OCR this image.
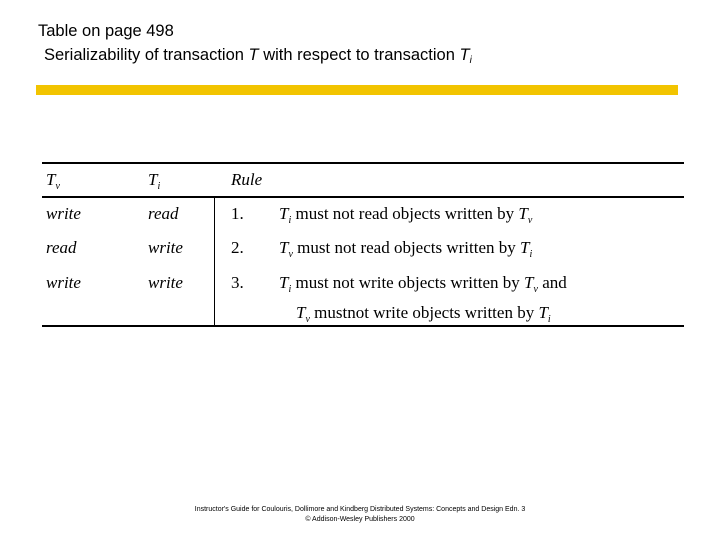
Table on page 498
Serializability of transaction T with respect to transaction $T_i$
$T_v$	$T_i$	Rule
write	read	1. $T_i$ must not read objects written by $T_v$
read	write	2. $T_v$ must not read objects written by $T_i$
write	write	3. $T_i$ must not write objects written by $T_v$ and
$T_v$ mustnot write objects written by $T_i$
Instructor's Guide for Coulouris, Dollimore and Kindberg Distributed Systems: Concepts and Design Edn. 3
© Addison-Wesley Publishers 2000
